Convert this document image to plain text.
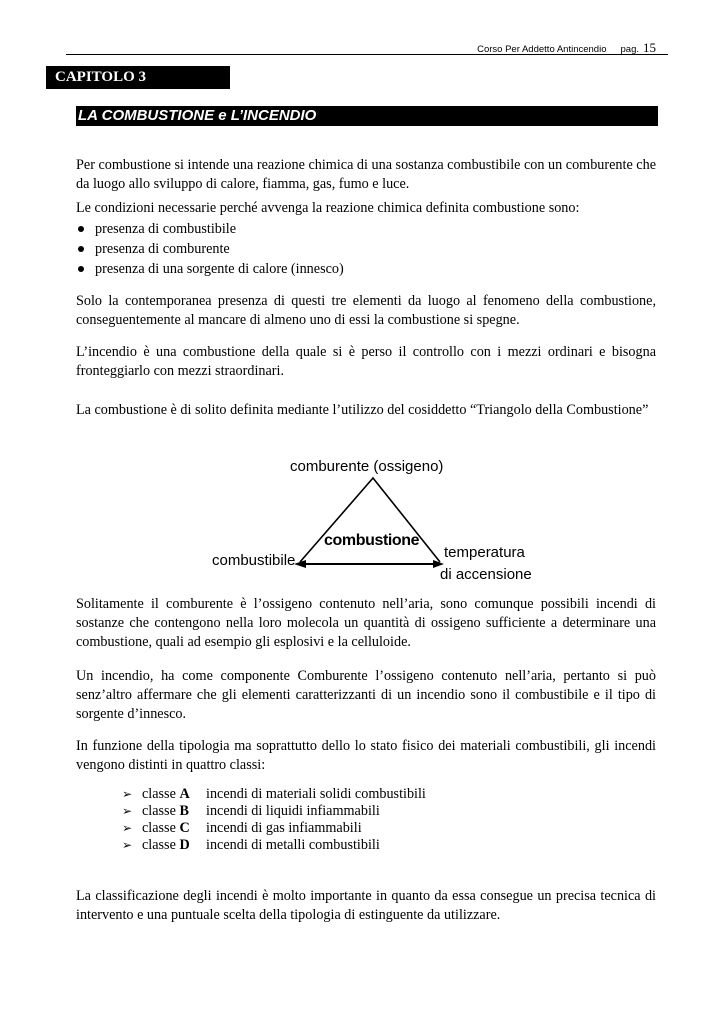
Corso Per Addetto Antincendio pag. 15
CAPITOLO 3
LA COMBUSTIONE e L’INCENDIO

Per combustione si intende una reazione chimica di una sostanza combustibile con un comburente che da luogo allo sviluppo di calore, fiamma, gas, fumo e luce.

Le condizioni necessarie perché avvenga la reazione chimica definita combustione sono:

presenza di combustibile
presenza di comburente
presenza di una sorgente di calore (innesco)

Solo la contemporanea presenza di questi tre elementi da luogo al fenomeno della combustione, conseguentemente al mancare di almeno uno di essi la combustione si spegne.

L’incendio è una combustione della quale si è perso il controllo con i mezzi ordinari e bisogna fronteggiarlo con mezzi straordinari.

La combustione è di solito definita mediante l’utilizzo del cosiddetto “Triangolo della Combustione”

comburente (ossigeno)
combustibile	temperatura
di accensione
combustione

Solitamente il comburente è l’ossigeno contenuto nell’aria, sono comunque possibili incendi di sostanze che contengono nella loro molecola un quantità di ossigeno sufficiente a determinare una combustione, quali ad esempio gli esplosivi e la celluloide.

Un incendio, ha come componente Comburente l’ossigeno contenuto nell’aria, pertanto si può senz’altro affermare che gli elementi caratterizzanti di un incendio sono il combustibile e il tipo di sorgente d’innesco.

In funzione della tipologia ma soprattutto dello lo stato fisico dei materiali combustibili, gli incendi vengono distinti in quattro classi:

➢	classe A	incendi di materiali solidi combustibili
➢	classe B	incendi di liquidi infiammabili
➢	classe C	incendi di gas infiammabili
➢	classe D	incendi di metalli combustibili

La classificazione degli incendi è molto importante in quanto da essa consegue un precisa tecnica di intervento e una puntuale scelta della tipologia di estinguente da utilizzare.
